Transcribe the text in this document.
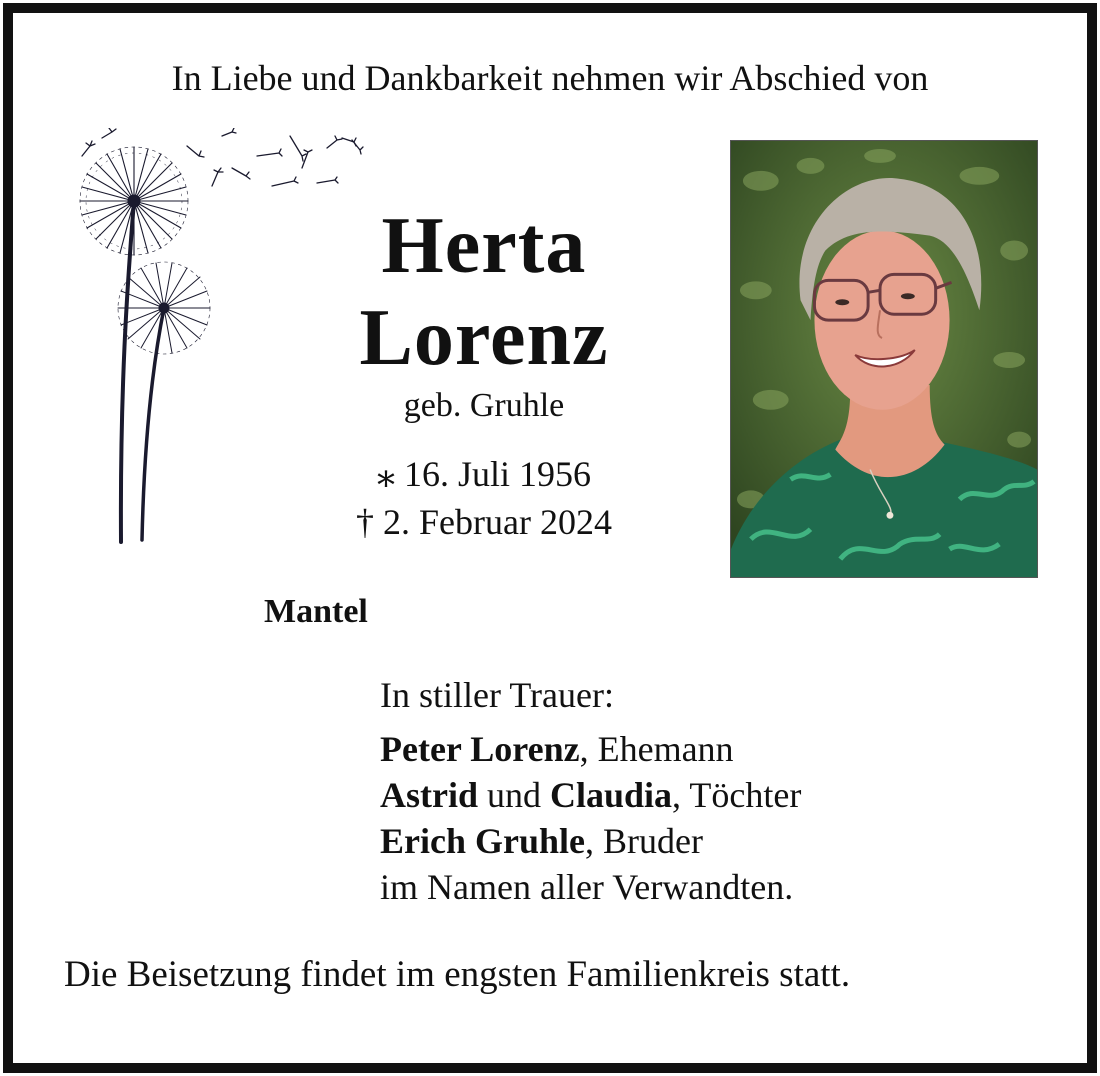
In Liebe und Dankbarkeit nehmen wir Abschied von
Herta
Lorenz
geb. Gruhle
⁎ 16. Juli 1956
† 2. Februar 2024
Mantel
In stiller Trauer:
Peter Lorenz, Ehemann
Astrid und Claudia, Töchter
Erich Gruhle, Bruder
im Namen aller Verwandten.
Die Beisetzung findet im engsten Familienkreis statt.
